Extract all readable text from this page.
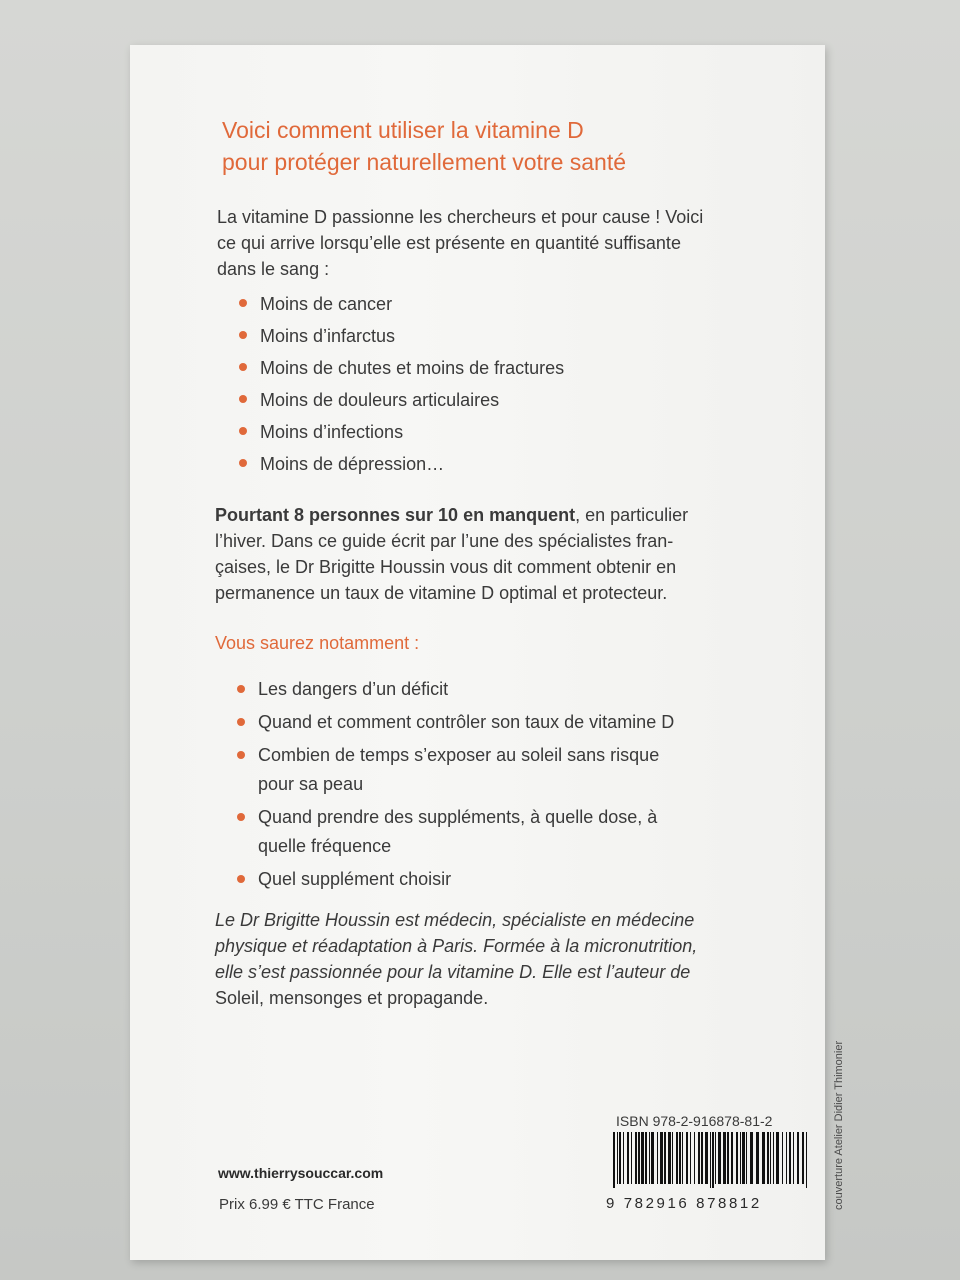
Voici comment utiliser la vitamine D
pour protéger naturellement votre santé

La vitamine D passionne les chercheurs et pour cause ! Voici
ce qui arrive lorsqu’elle est présente en quantité suffisante
dans le sang :

Moins de cancer
Moins d’infarctus
Moins de chutes et moins de fractures
Moins de douleurs articulaires
Moins d’infections
Moins de dépression…

Pourtant 8 personnes sur 10 en manquent, en particulier
l’hiver. Dans ce guide écrit par l’une des spécialistes fran-
çaises, le Dr Brigitte Houssin vous dit comment obtenir en
permanence un taux de vitamine D optimal et protecteur.

Vous saurez notamment :
Les dangers d’un déficit
Quand et comment contrôler son taux de vitamine D
Combien de temps s’exposer au soleil sans risque
pour sa peau
Quand prendre des suppléments, à quelle dose, à
quelle fréquence
Quel supplément choisir

Le Dr Brigitte Houssin est médecin, spécialiste en médecine
physique et réadaptation à Paris. Formée à la micronutrition,
elle s’est passionnée pour la vitamine D. Elle est l’auteur de
Soleil, mensonges et propagande.

ISBN 978-2-916878-81-2
9 782916 878812
www.thierrysouccar.com
Prix 6.99 € TTC France	couverture Atelier Didier Thimonier
